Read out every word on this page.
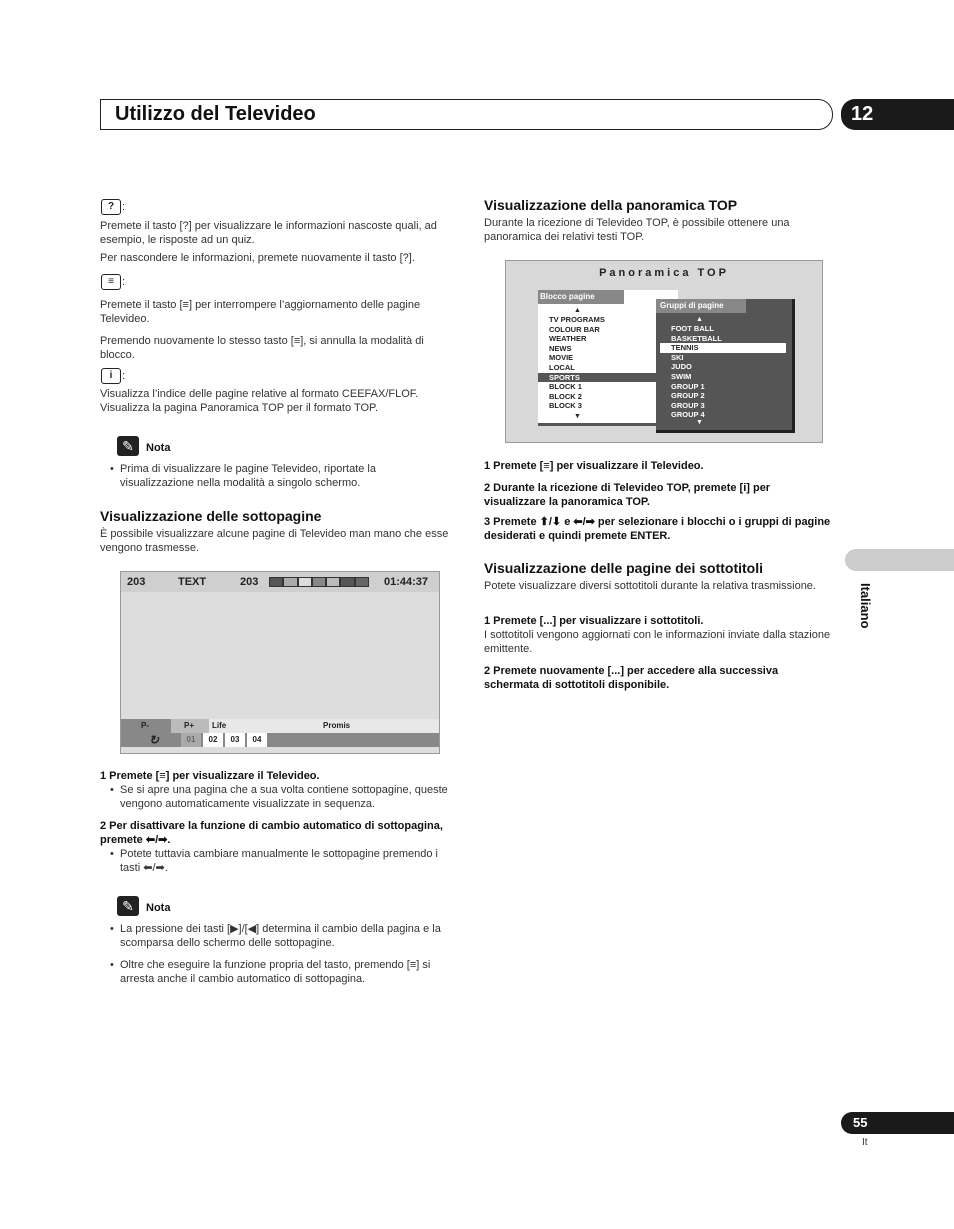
Utilizzo del Televideo	12
? :
Premete il tasto [?] per visualizzare le informazioni nascoste quali, ad esempio, le risposte ad un quiz.
Per nascondere le informazioni, premete nuovamente il tasto [?].
≡ :
Premete il tasto [≡] per interrompere l’aggiornamento delle pagine Televideo.
Premendo nuovamente lo stesso tasto [≡], si annulla la modalità di blocco.
i :
Visualizza l’indice delle pagine relative al formato CEEFAX/FLOF. Visualizza la pagina Panoramica TOP per il formato TOP.
✎	Nota
• Prima di visualizzare le pagine Televideo, riportate la visualizzazione nella modalità a singolo schermo.
Visualizzazione delle sottopagine
È possibile visualizzare alcune pagine di Televideo man mano che esse vengono trasmesse.
203	TEXT	203	01:44:37
P-	P+ Life	Promis
↻	01	02	03	04
1 Premete [≡] per visualizzare il Televideo.
• Se si apre una pagina che a sua volta contiene sottopagine, queste vengono automaticamente visualizzate in sequenza.
2 Per disattivare la funzione di cambio automatico di sottopagina, premete ⬅/➡.
• Potete tuttavia cambiare manualmente le sottopagine premendo i tasti ⬅/➡.
✎	Nota
• La pressione dei tasti [▶]/[◀] determina il cambio della pagina e la scomparsa dello schermo delle sottopagine.
• Oltre che eseguire la funzione propria del tasto, premendo [≡] si arresta anche il cambio automatico di sottopagina.
Visualizzazione della panoramica TOP
Durante la ricezione di Televideo TOP, è possibile ottenere una panoramica dei relativi testi TOP.
Panoramica TOP
Blocco pagine
▲
TV PROGRAMS
COLOUR BAR
WEATHER
NEWS
MOVIE
LOCAL
SPORTS
BLOCK 1
BLOCK 2
BLOCK 3
▼
Gruppi di pagine
▲
FOOT BALL
BASKETBALL
TENNIS
SKI
JUDO
SWIM
GROUP 1
GROUP 2
GROUP 3
GROUP 4
▼
1 Premete [≡] per visualizzare il Televideo.
2 Durante la ricezione di Televideo TOP, premete [i] per visualizzare la panoramica TOP.
3 Premete ⬆/⬇ e ⬅/➡ per selezionare i blocchi o i gruppi di pagine desiderati e quindi premete ENTER.
Visualizzazione delle pagine dei sottotitoli
Potete visualizzare diversi sottotitoli durante la relativa trasmissione.
1 Premete [...] per visualizzare i sottotitoli.
I sottotitoli vengono aggiornati con le informazioni inviate dalla stazione emittente.
2 Premete nuovamente [...] per accedere alla successiva schermata di sottotitoli disponibile.
Italiano
55
It
